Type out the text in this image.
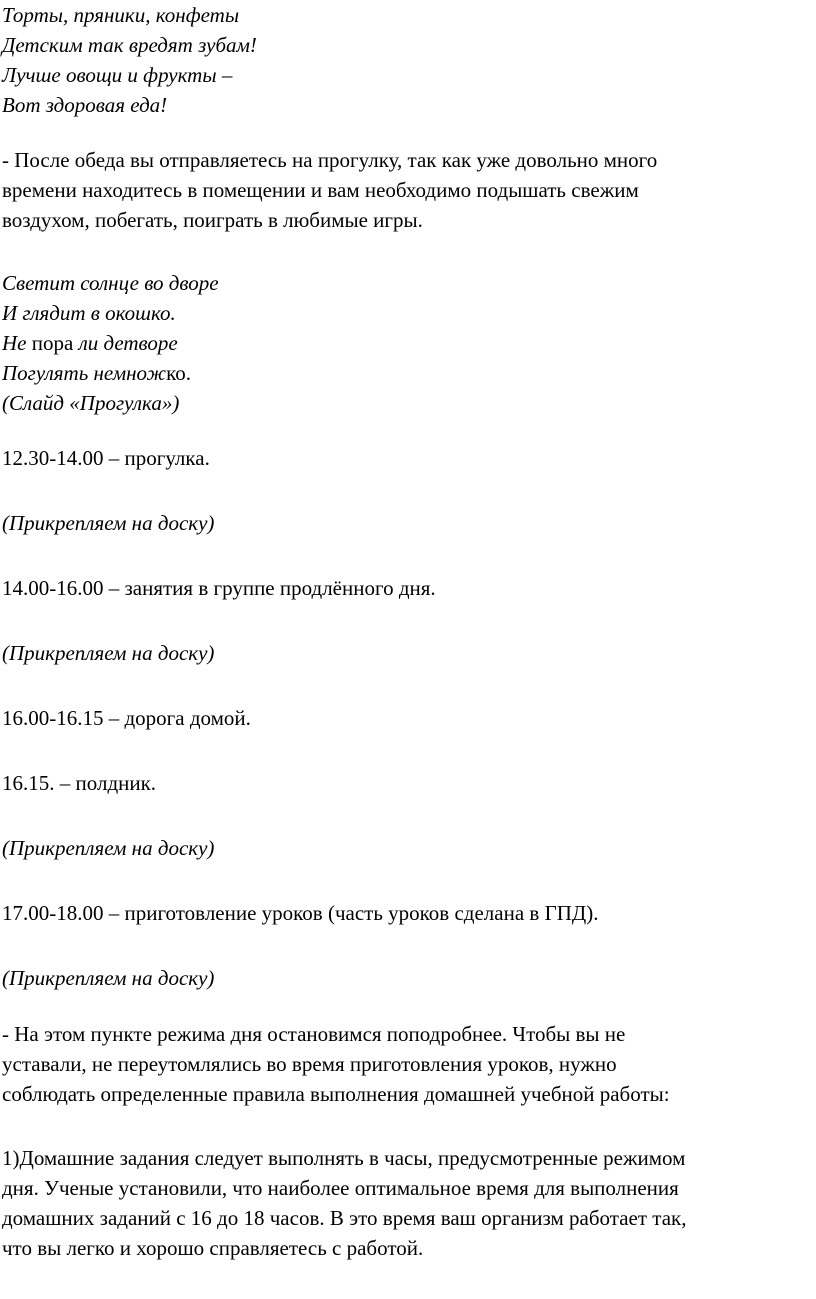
Торты, пряники, конфеты
Детским так вредят зубам!
Лучше овощи и фрукты –
Вот здоровая еда!
- После обеда вы отправляетесь на прогулку, так как уже довольно много
времени находитесь в помещении и вам необходимо подышать свежим
воздухом, побегать, поиграть в любимые игры.
Светит солнце во дворе
И глядит в окошко.
Не пора ли детворе
Погулять немножко.
(Слайд «Прогулка»)
12.30-14.00 – прогулка.
(Прикрепляем на доску)
14.00-16.00 – занятия в группе продлённого дня.
(Прикрепляем на доску)
16.00-16.15 – дорога домой.
16.15. – полдник.
(Прикрепляем на доску)
17.00-18.00 – приготовление уроков (часть уроков сделана в ГПД).
(Прикрепляем на доску)
- На этом пункте режима дня остановимся поподробнее. Чтобы вы не
уставали, не переутомлялись во время приготовления уроков, нужно
соблюдать определенные правила выполнения домашней учебной работы:
1)Домашние задания следует выполнять в часы, предусмотренные режимом
дня. Ученые установили, что наиболее оптимальное время для выполнения
домашних заданий с 16 до 18 часов. В это время ваш организм работает так,
что вы легко и хорошо справляетесь с работой.
